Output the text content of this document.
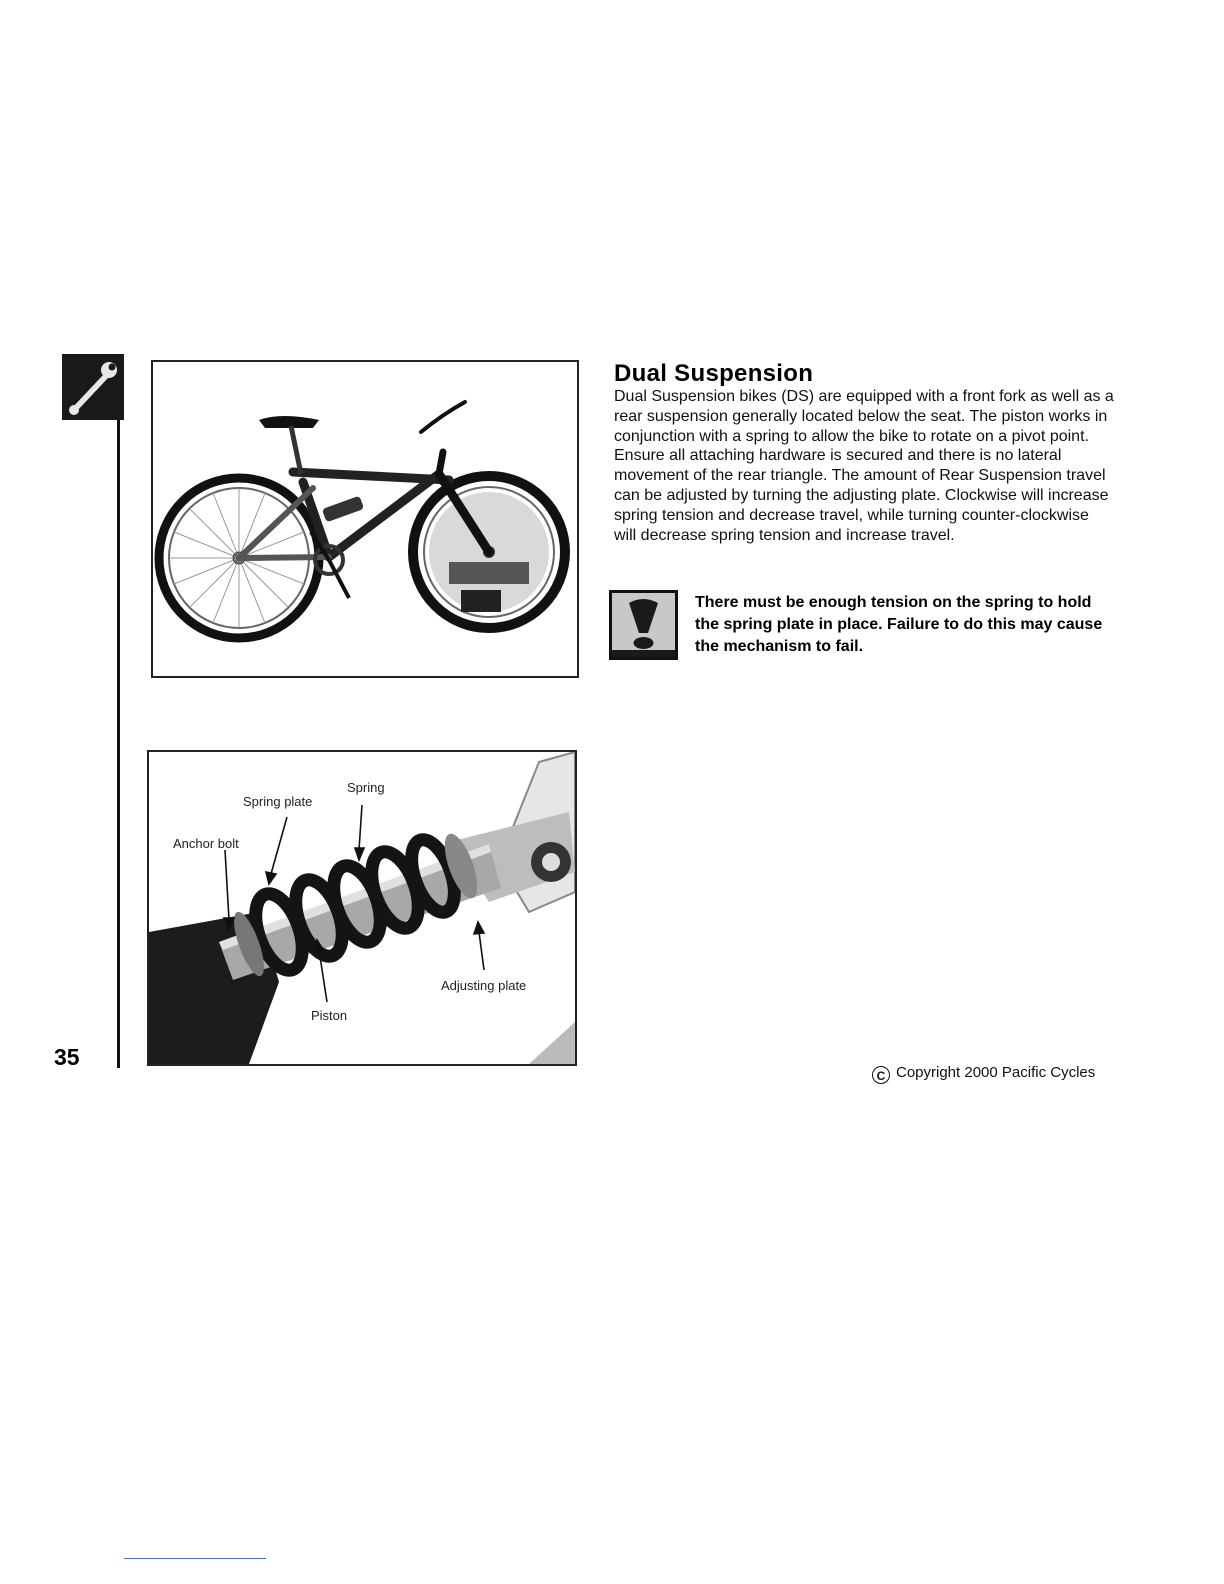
35
Dual Suspension

Dual Suspension bikes (DS) are equipped with a front fork as well as a rear suspension generally located below the seat. The piston works in conjunction with a spring to allow the bike to rotate on a pivot point. Ensure all attaching hardware is secured and there is no lateral movement of the rear triangle. The amount of Rear Suspension travel can be adjusted by turning the adjusting plate. Clockwise will increase spring tension and decrease travel, while turning counter-clockwise will decrease spring tension and increase travel.

There must be enough tension on the spring to hold the spring plate in place. Failure to do this may cause the mechanism to fail.

Spring
Spring plate
Anchor bolt
Adjusting plate
Piston
C Copyright 2000 Pacific Cycles
